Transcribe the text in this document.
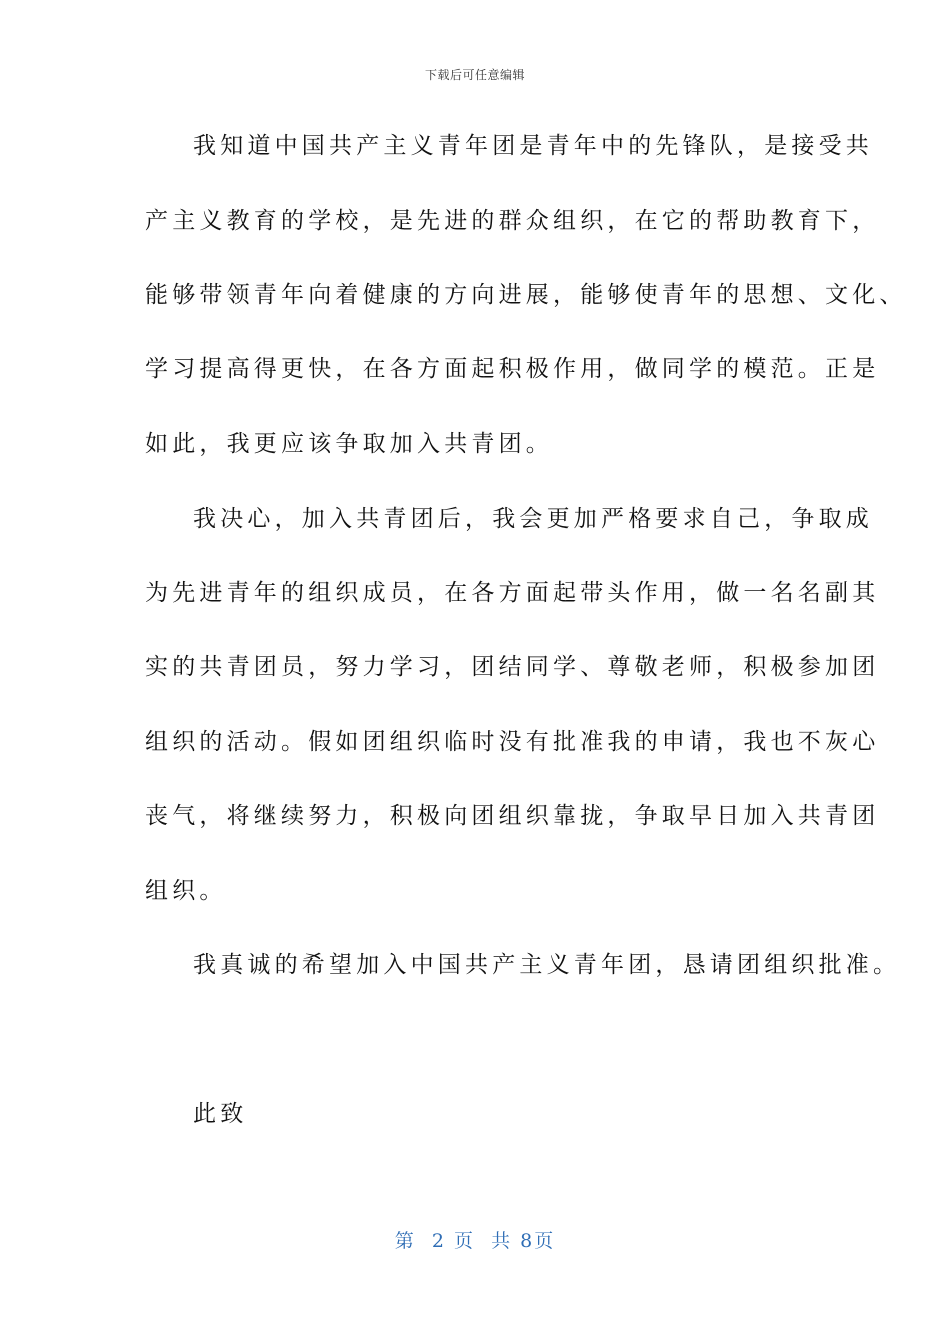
下载后可任意编辑
我知道中国共产主义青年团是青年中的先锋队，是接受共
产主义教育的学校，是先进的群众组织，在它的帮助教育下，
能够带领青年向着健康的方向进展，能够使青年的思想、文化、
学习提高得更快，在各方面起积极作用，做同学的模范。正是
如此，我更应该争取加入共青团。
我决心，加入共青团后，我会更加严格要求自己，争取成
为先进青年的组织成员，在各方面起带头作用，做一名名副其
实的共青团员，努力学习，团结同学、尊敬老师，积极参加团
组织的活动。假如团组织临时没有批准我的申请，我也不灰心
丧气，将继续努力，积极向团组织靠拢，争取早日加入共青团
组织。
我真诚的希望加入中国共产主义青年团，恳请团组织批准。
此致
第  2 页  共 8页
